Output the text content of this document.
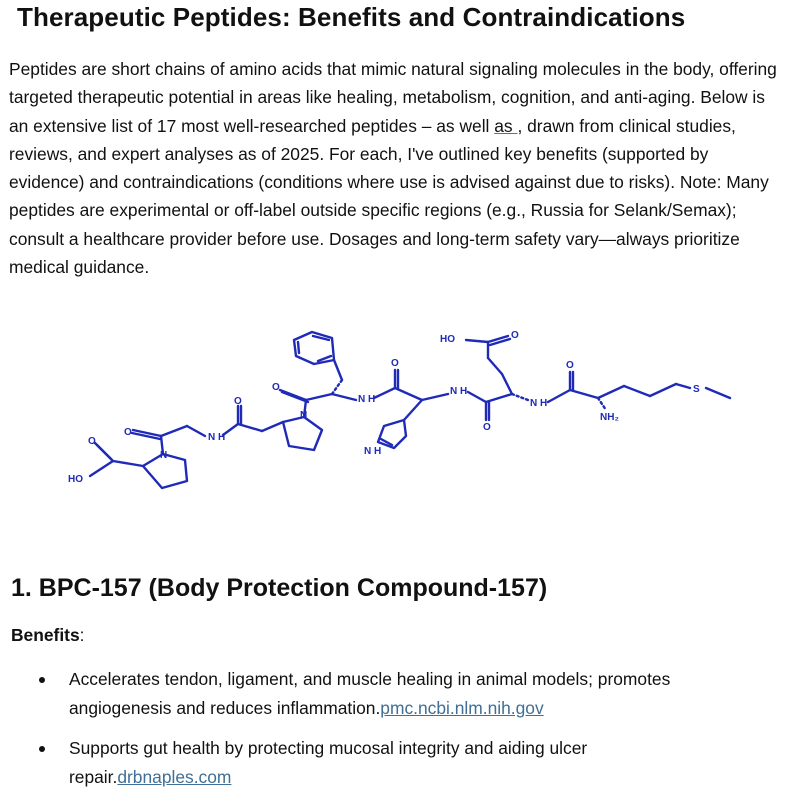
Therapeutic Peptides: Benefits and Contraindications

Peptides are short chains of amino acids that mimic natural signaling molecules in the body, offering targeted therapeutic potential in areas like healing, metabolism, cognition, and anti-aging. Below is an extensive list of 17 most well-researched peptides – as well as , drawn from clinical studies, reviews, and expert analyses as of 2025. For each, I've outlined key benefits (supported by evidence) and contraindications (conditions where use is advised against due to risks). Note: Many peptides are experimental or off-label outside specific regions (e.g., Russia for Selank/Semax); consult a healthcare provider before use. Dosages and long-term safety vary—always prioritize medical guidance.

HO
O
O
N
N H
O
N
O
N H
O
N H
N H
O
HO	O
N H
O
NH₂
S
1. BPC-157 (Body Protection Compound-157)

Benefits:

Accelerates tendon, ligament, and muscle healing in animal models; promotes angiogenesis and reduces inflammation.pmc.ncbi.nlm.nih.gov
Supports gut health by protecting mucosal integrity and aiding ulcer repair.drbnaples.com
